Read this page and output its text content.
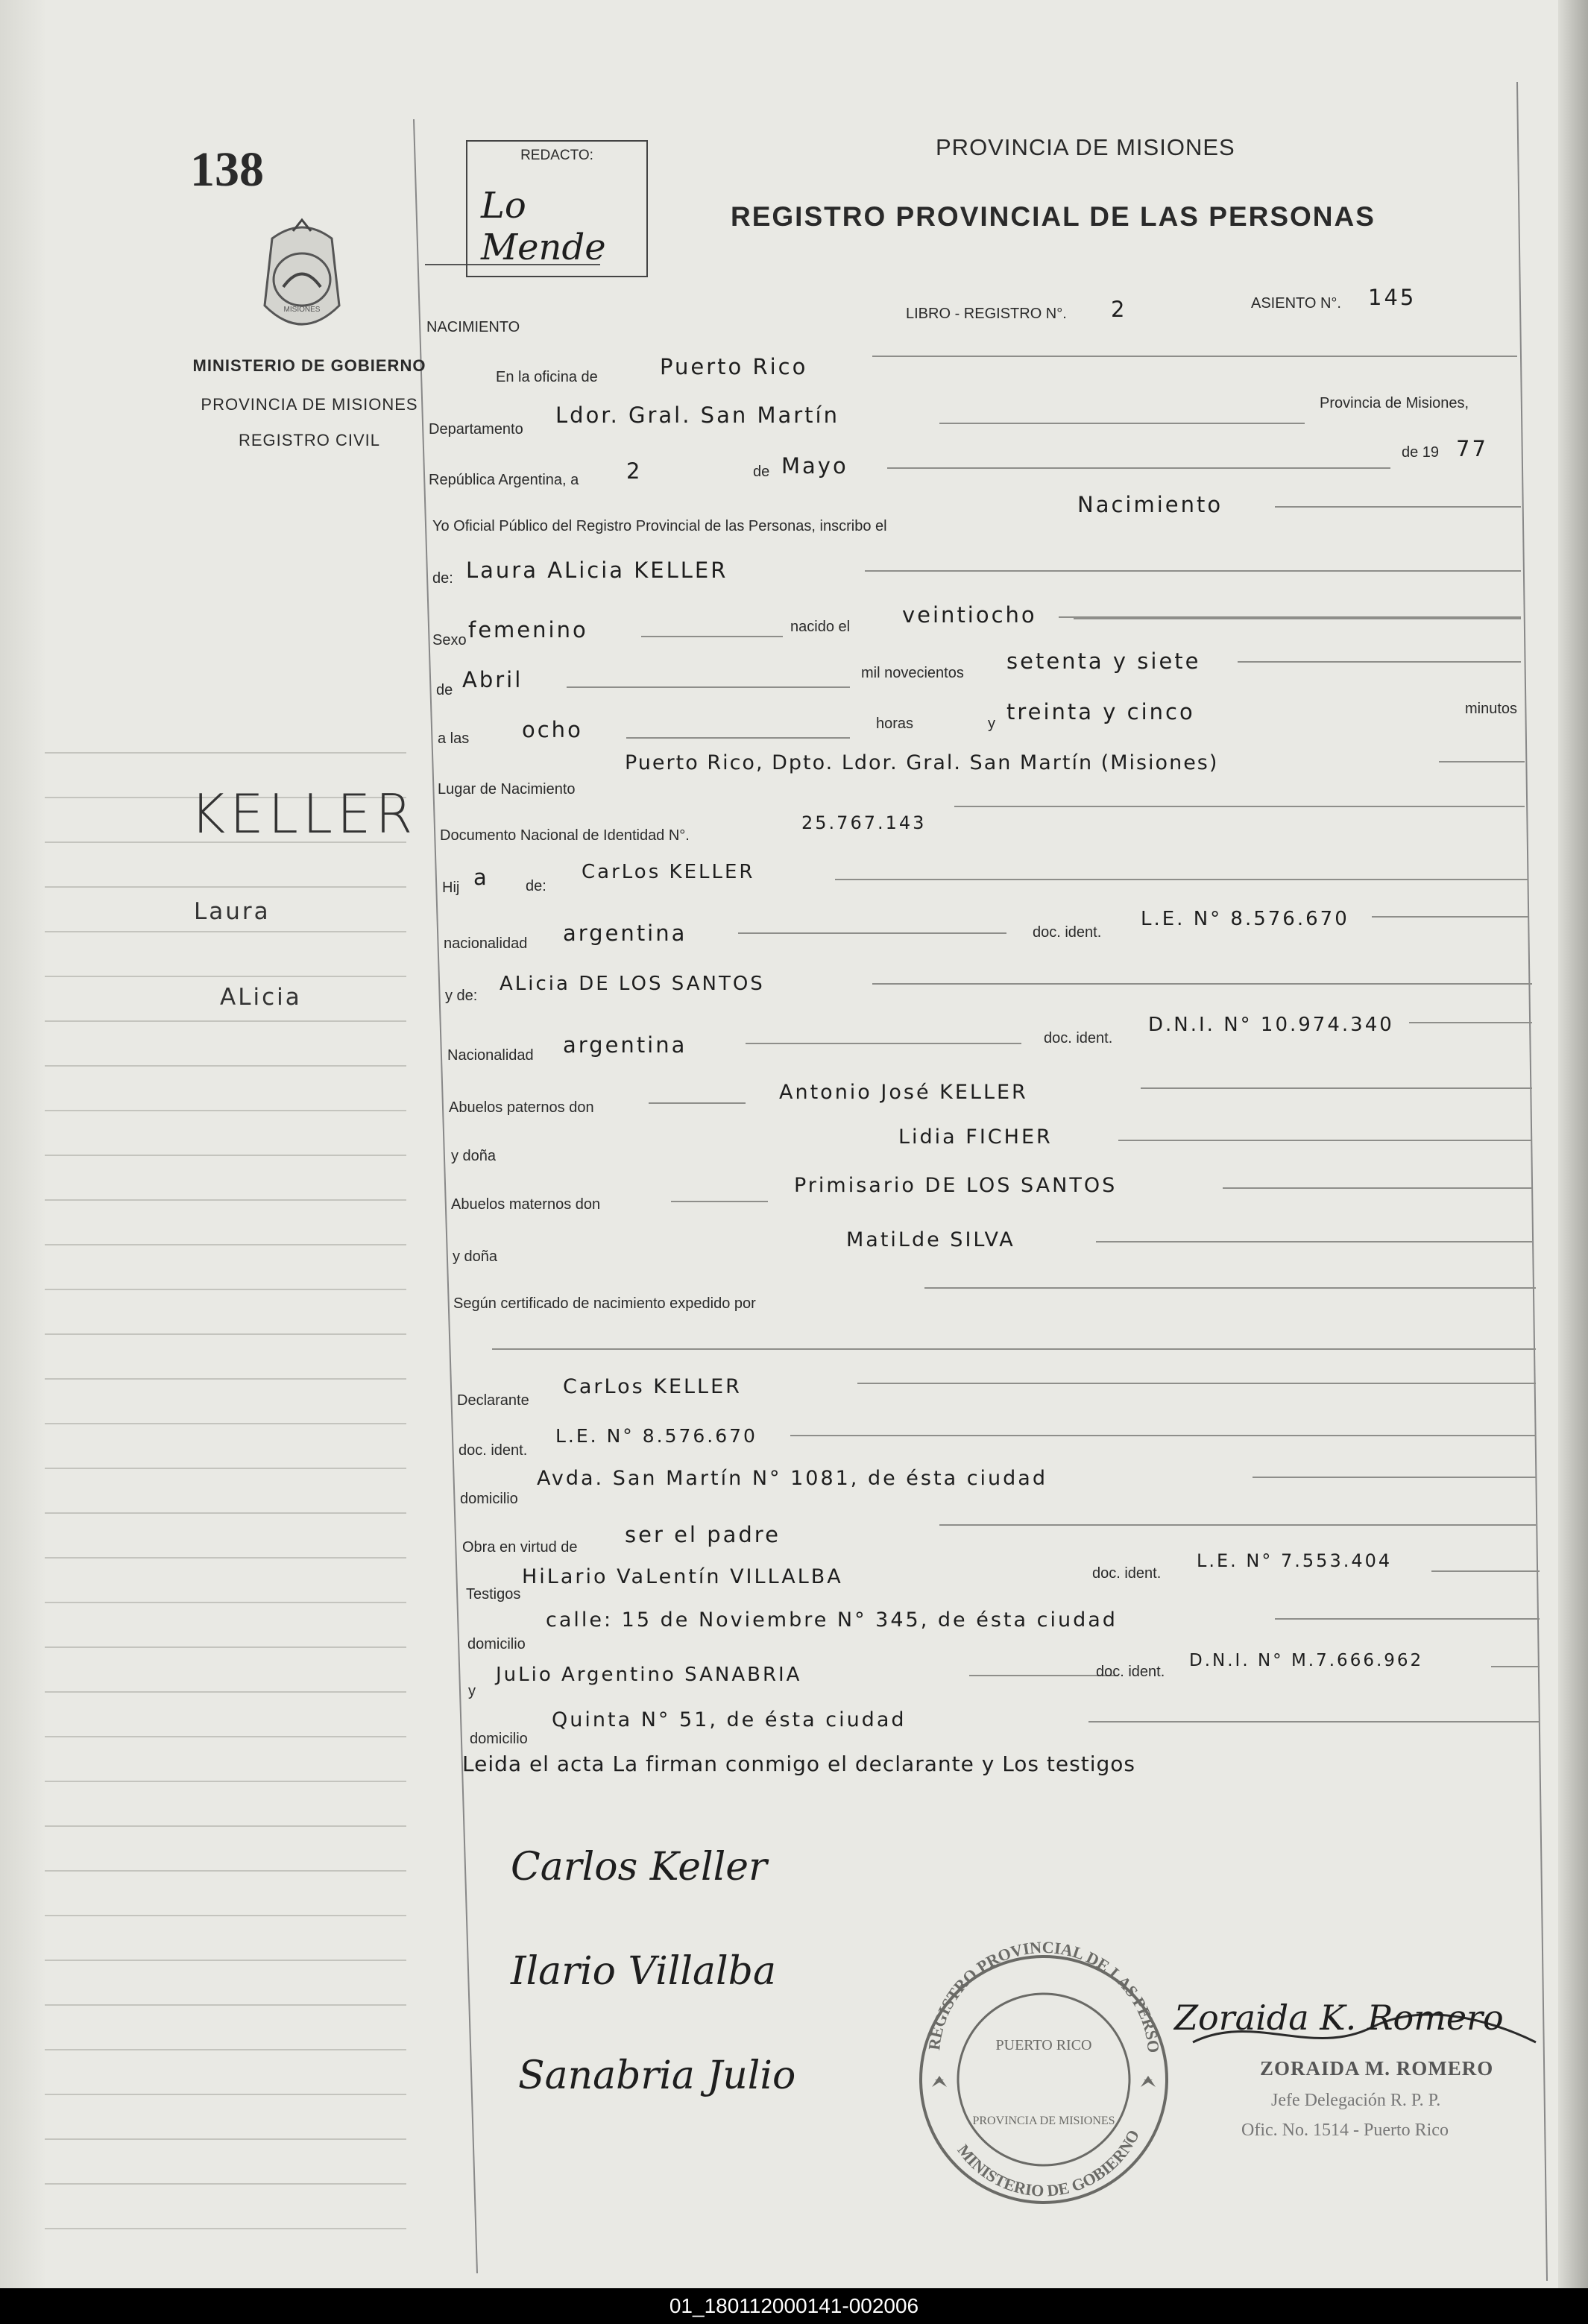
MISIONES
REGISTRO PROVINCIAL DE LAS PERSONAS
MINISTERIO DE GOBIERNO
PUERTO RICO
PROVINCIA DE MISIONES
138
MINISTERIO DE GOBIERNO
PROVINCIA DE MISIONES
REGISTRO CIVIL
REDACTO:
Lo Mende
PROVINCIA DE MISIONES
REGISTRO PROVINCIAL DE LAS PERSONAS
NACIMIENTO
LIBRO - REGISTRO N°. 2	ASIENTO N°. 145
KELLER
Laura
ALicia
En la oficina de	Puerto Rico
Departamento
Ldor. Gral. San Martín	Provincia de Misiones,
República Argentina, a 2	de Mayo
de 19 77
Yo Oficial Público del Registro Provincial de las Personas, inscribo el
Nacimiento
de: Laura ALicia KELLER
Sexo femenino	nacido el veintiocho
de Abril	mil novecientos setenta y siete
a las ocho	horas	y treinta y cinco	minutos
Lugar de Nacimiento
Puerto Rico, Dpto. Ldor. Gral. San Martín (Misiones)
Documento Nacional de Identidad N°.
25.767.143
Hij a de:
CarLos KELLER
nacionalidad argentina	doc. ident.
L.E. N° 8.576.670
y de:
ALicia DE LOS SANTOS
Nacionalidad argentina	doc. ident.
D.N.I. N° 10.974.340
Abuelos paternos don
Antonio José KELLER
y doña
Lidia FICHER
Abuelos maternos don
Primisario DE LOS SANTOS
y doña
MatiLde SILVA
Según certificado de nacimiento expedido por
Declarante
CarLos KELLER
doc. ident.
L.E. N° 8.576.670
domicilio
Avda. San Martín N° 1081, de ésta ciudad
Obra en virtud de ser el padre
Testigos
HiLario VaLentín VILLALBA	doc. ident.
L.E. N° 7.553.404
domicilio
calle: 15 de Noviembre N° 345, de ésta ciudad
y
JuLio Argentino SANABRIA	doc. ident.
D.N.I. N° M.7.666.962
domicilio
Quinta N° 51, de ésta ciudad
Leida el acta La firman conmigo el declarante y Los testigos
Carlos Keller
Ilario Villalba
Sanabria Julio
Zoraida K. Romero
ZORAIDA M. ROMERO
Jefe Delegación R. P. P.
Ofic. No. 1514 - Puerto Rico
01_180112000141-002006
